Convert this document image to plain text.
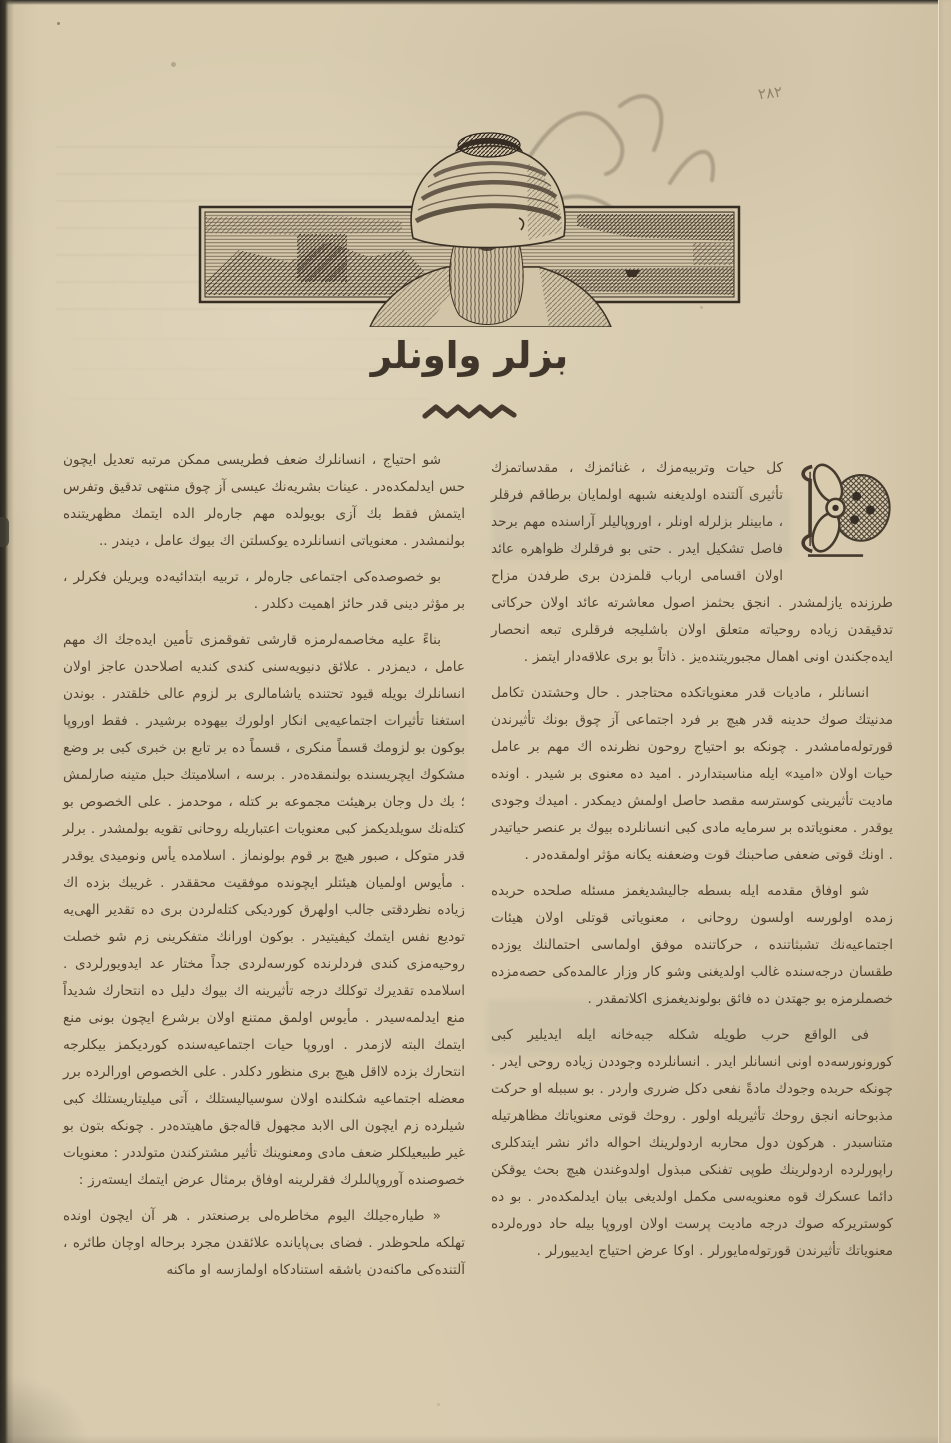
٢٨٢
بزلر واونلر

كل حيات وتربيه‌مزك ، غنائمزك ، مقدساتمزك تأثيرى آلتنده اولديغنه شبهه اولمايان برطاقم فرقلر ، مابينلر بزلرله اونلر ، اوروپاليلر آراسنده مهم برحد فاصل تشكيل ايدر . حتى بو فرقلرك ظواهره عائد اولان اقسامى ارباب قلمزدن برى طرفدن مزاح طرزنده يازلمشدر . انجق بحثمز اصول معاشرته عائد اولان حركاتى تدقيقدن زياده روحياته متعلق اولان باشليجه فرقلرى تبعه انحصار ايده‌جكندن اونى اهمال مجبوريتنده‌يز . ذاتاً بو برى علاقه‌دار ايتمز .

انسانلر ، ماديات قدر معنوياتكده محتاجدر . حال وحشتدن تكامل مدنيتك صوك حدينه قدر هيچ بر فرد اجتماعى آز چوق بونك تأثيرندن قورتوله‌مامشدر . چونكه بو احتياج روحون نظرنده اك مهم بر عامل حيات اولان «اميد» ايله مناسبتداردر . اميد ده معنوى بر شيدر . اونده ماديت تأثيرينى كوسترسه مقصد حاصل اولمش ديمكدر . اميدك وجودى يوقدر . معنوياتده بر سرمايه مادى كبى انسانلرده بيوك بر عنصر حياتيدر . اونك قوتى ضعفى صاحبنك قوت وضعفنه يكانه مؤثر اولمقده‌در .

شو اوفاق مقدمه ايله بسطه جاليشديغمز مسئله صلحده حربده زمده اولورسه اولسون روحانى ، معنوياتى قوتلى اولان هيئات اجتماعيه‌نك تشبثاتنده ، حركاتنده موفق اولماسى احتمالنك يوزده طقسان درجه‌سنده غالب اولديغنى وشو كار وزار عالمده‌كى حصه‌مزده خصملرمزه بو جهتدن ده فائق بولونديغمزى اكلاتمقدر .

فى الواقع حرب طويله شكله جبه‌خانه ايله ايديلير كبى كورونورسه‌ده اونى انسانلر ايدر . انسانلرده وجوددن زياده روحى ايدر . چونكه حربده وجودك مادةً نفعى دكل ضررى واردر . بو سببله او حركت مذبوحانه انجق روحك تأثيريله اولور . روحك قوتى معنوياتك مظاهرتيله متناسبدر . هركون دول محاربه اردولرينك احواله دائر نشر ايتدكلرى راپورلرده اردولرينك طوپى تفنكى مبذول اولدوغندن هيچ بحث يوقكن دائما عسكرك قوه معنويه‌سى مكمل اولديغى بيان ايدلمكده‌در . بو ده كوستريركه صوك درجه ماديت پرست اولان اوروپا بيله حاد دوره‌لرده معنوياتك تأثيرندن قورتوله‌مايورلر . اوكا عرض احتياج ايدييورلر .

شو احتياج ، انسانلرك ضعف فطريسى ممكن مرتبه تعديل ايچون حس ايدلمكده‌در . عينات بشريه‌نك عيسى آز چوق منتهى تدقيق وتفرس ايتمش فقط بك آزى بويولده مهم جاره‌لر الده ايتمك مظهريتنده بولنمشدر . معنوياتى انسانلرده يوكسلتن اك بيوك عامل ، ديندر ..

بو خصوصده‌كى اجتماعى جاره‌لر ، تربيه ابتدائيه‌ده ويريلن فكرلر ، بر مؤثر دينى قدر حائز اهميت دكلدر .

بناءً عليه مخاصمه‌لرمزه قارشى تفوقمزى تأمين ايده‌جك اك مهم عامل ، ديمزدر . علائق دنيويه‌سنى كندى كنديه اصلاحدن عاجز اولان انسانلرك بويله قيود تحتنده ياشامالرى بر لزوم عالى خلقتدر . بوندن استغنا تأثيرات اجتماعيه‌يى انكار اولورك بيهوده برشيدر . فقط اوروپا بوكون بو لزومك قسماً منكرى ، قسماً ده بر تابع بن خبرى كبى بر وضع مشكوك ايچريسنده بولنمقده‌در . برسه ، اسلاميتك حبل متينه صارلمش ؛ بك دل وجان برهيئت مجموعه بر كتله ، موحدمز . على الخصوص بو كتله‌نك سويلديكمز كبى معنويات اعتباريله روحانى تقويه بولمشدر . برلر قدر متوكل ، صبور هيچ بر قوم بولونماز . اسلامده يأس ونوميدى يوقدر . مأيوس اولميان هيئتلر ايچونده موفقيت محققدر . غريبك بزده اك زياده نظردقتى جالب اولهرق كورديكى كتله‌لردن برى ده تقدير الهى‌يه توديع نفس ايتمك كيفيتيدر . بوكون اورانك متفكرينى زم شو خصلت روحيه‌مزى كندى فردلرنده كورسه‌لردى جداً مختار عد ايدويورلردى . اسلامده تقديرك توكلك درجه تأثيرينه اك بيوك دليل ده انتحارك شديداً منع ايدلمه‌سيدر . مأيوس اولمق ممتنع اولان برشرع ايچون بونى منع ايتمك البته لازمدر . اوروپا حيات اجتماعيه‌سنده كورديكمز بيكلرجه انتحارك بزده لااقل هيچ برى منظور دكلدر . على الخصوص اورالرده برر معضله اجتماعيه شكلنده اولان سوسياليستلك ، آتى ميليتاريستلك كبى شيلرده زم ايچون الى الابد مجهول قاله‌جق ماهيتده‌در . چونكه بتون بو غير طبيعيلكلر ضعف مادى ومعنوينك تأثير مشتركندن متولددر : معنويات خصوصنده آوروپالىلرك فقرلرينه اوفاق برمثال عرض ايتمك ايسته‌رز :

« طياره‌جيلك اليوم مخاطره‌لى برصنعتدر . هر آن ايچون اونده تهلكه ملحوظدر . فضاى بى‌پايانده علائقدن مجرد برحاله اوچان طائره ، آلتنده‌كى ماكنه‌دن باشقه استنادكاه اولمازسه او ماكنه
